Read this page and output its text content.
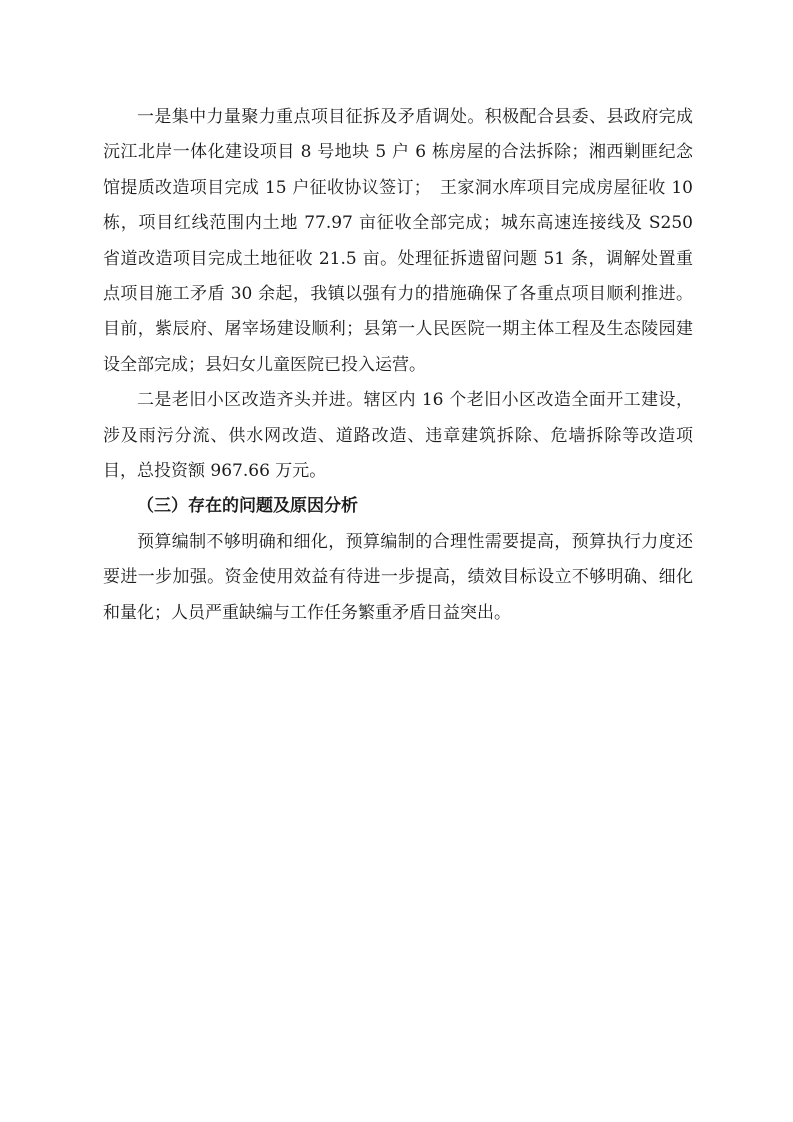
一是集中力量聚力重点项目征拆及矛盾调处。积极配合县委、县政府完成沅江北岸一体化建设项目 8 号地块 5 户 6 栋房屋的合法拆除；湘西剿匪纪念馆提质改造项目完成 15 户征收协议签订；　王家洞水库项目完成房屋征收 10 栋，项目红线范围内土地 77.97 亩征收全部完成；城东高速连接线及 S250 省道改造项目完成土地征收 21.5 亩。处理征拆遗留问题 51 条，调解处置重点项目施工矛盾 30 余起，我镇以强有力的措施确保了各重点项目顺利推进。目前，紫辰府、屠宰场建设顺利；县第一人民医院一期主体工程及生态陵园建设全部完成；县妇女儿童医院已投入运营。

二是老旧小区改造齐头并进。辖区内 16 个老旧小区改造全面开工建设，涉及雨污分流、供水网改造、道路改造、违章建筑拆除、危墙拆除等改造项目，总投资额 967.66 万元。

（三）存在的问题及原因分析

预算编制不够明确和细化，预算编制的合理性需要提高，预算执行力度还要进一步加强。资金使用效益有待进一步提高，绩效目标设立不够明确、细化和量化；人员严重缺编与工作任务繁重矛盾日益突出。
